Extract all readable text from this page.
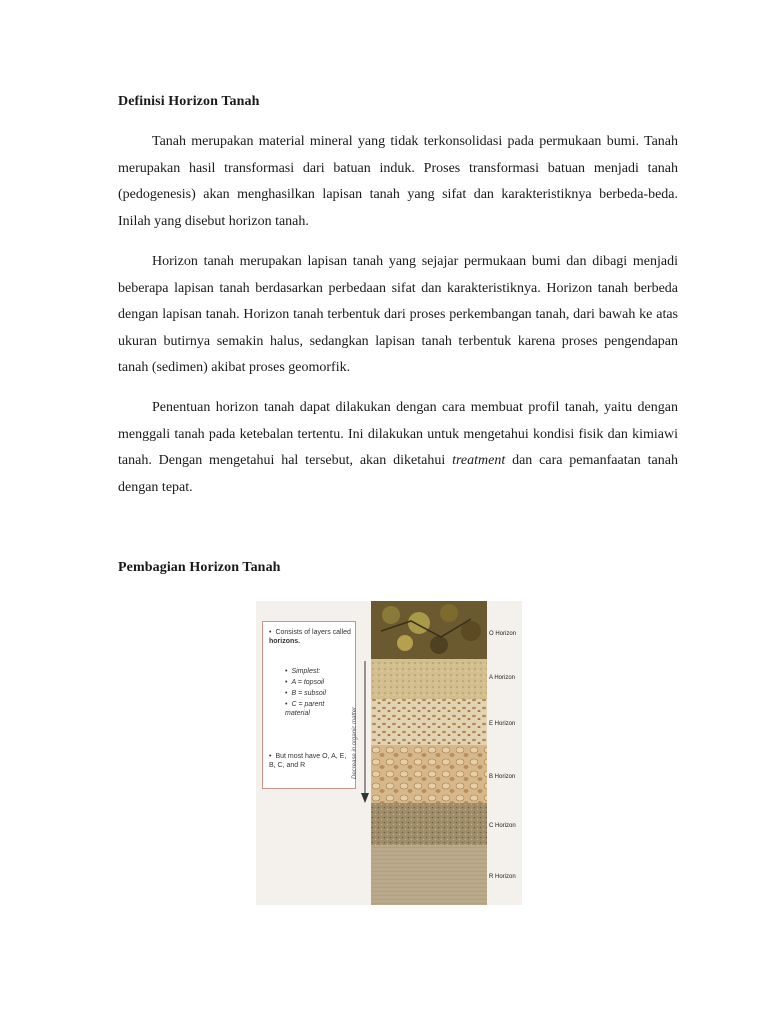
Definisi Horizon Tanah

Tanah merupakan material mineral yang tidak terkonsolidasi pada permukaan bumi. Tanah merupakan hasil transformasi dari batuan induk. Proses transformasi batuan menjadi tanah (pedogenesis) akan menghasilkan lapisan tanah yang sifat dan karakteristiknya berbeda-beda. Inilah yang disebut horizon tanah.

Horizon tanah merupakan lapisan tanah yang sejajar permukaan bumi dan dibagi menjadi beberapa lapisan tanah berdasarkan perbedaan sifat dan karakteristiknya. Horizon tanah berbeda dengan lapisan tanah. Horizon tanah terbentuk dari proses perkembangan tanah, dari bawah ke atas ukuran butirnya semakin halus, sedangkan lapisan tanah terbentuk karena proses pengendapan tanah (sedimen) akibat proses geomorfik.

Penentuan horizon tanah dapat dilakukan dengan cara membuat profil tanah, yaitu dengan menggali tanah pada ketebalan tertentu. Ini dilakukan untuk mengetahui kondisi fisik dan kimiawi tanah. Dengan mengetahui hal tersebut, akan diketahui treatment dan cara pemanfaatan tanah dengan tepat.

Pembagian Horizon Tanah
• Consists of layers called horizons.
• Simplest:
• A = topsoil
• B = subsoil
• C = parent material
• But most have O, A, E, B, C, and R	Decrease in organic matter
O Horizon
A Horizon
E Horizon
B Horizon
C Horizon
R Horizon
